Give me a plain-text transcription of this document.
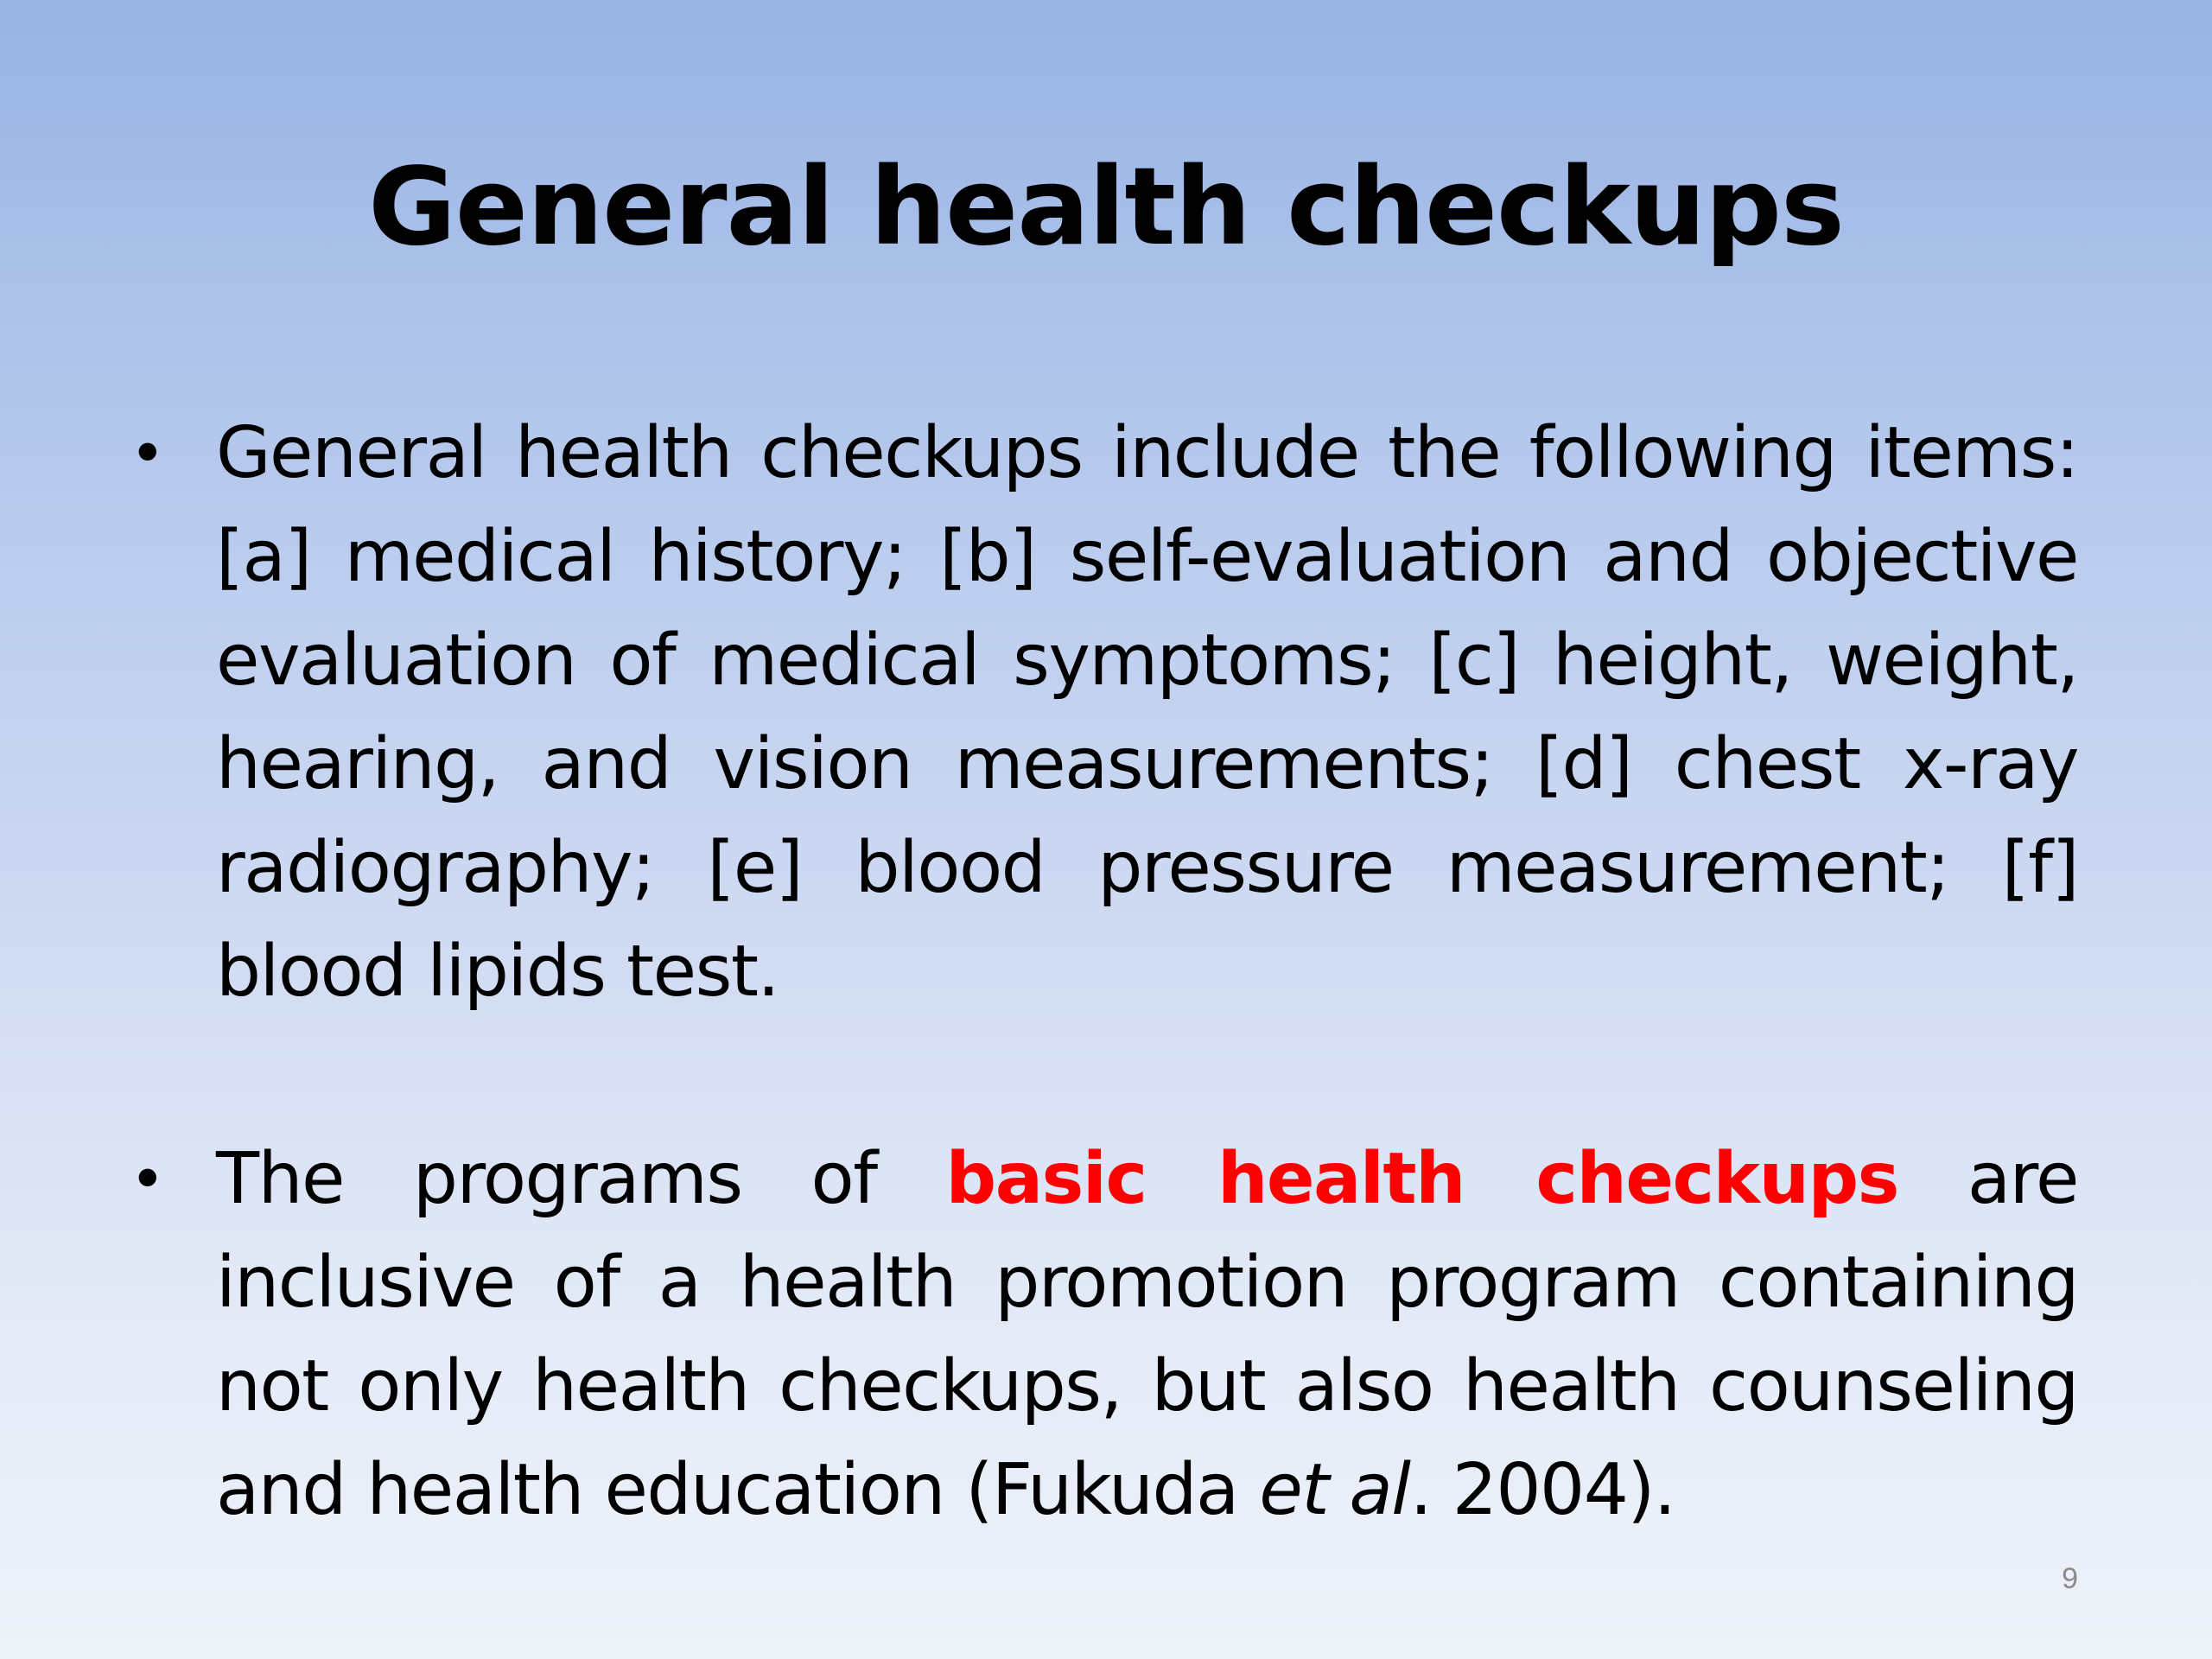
General health checkups
• General health checkups include the following items: [a] medical history; [b] self-evaluation and objective evaluation of medical symptoms; [c] height, weight, hearing, and vision measurements; [d] chest x-ray radiography; [e] blood pressure measurement; [f] blood lipids test.
• The programs of basic health checkups are inclusive of a health promotion program containing not only health checkups, but also health counseling and health education (Fukuda et al. 2004).
9
